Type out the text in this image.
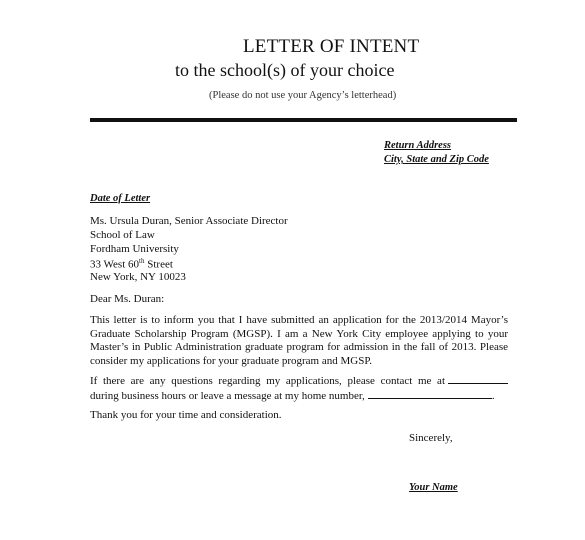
LETTER OF INTENT
to the school(s) of your choice
(Please do not use your Agency’s letterhead)
Return Address
City, State and Zip Code
Date of Letter
Ms. Ursula Duran, Senior Associate Director
School of Law
Fordham University
33 West 60th Street
New York, NY 10023
Dear Ms. Duran:
This letter is to inform you that I have submitted an application for the 2013/2014 Mayor’s
Graduate Scholarship Program (MGSP). I am a New York City employee applying to your
Master’s in Public Administration graduate program for admission in the fall of 2013. Please
consider my applications for your graduate program and MGSP.
If there are any questions regarding my applications, please contact me at
during business hours or leave a message at my home number,	.
Thank you for your time and consideration.
Sincerely,
Your Name
